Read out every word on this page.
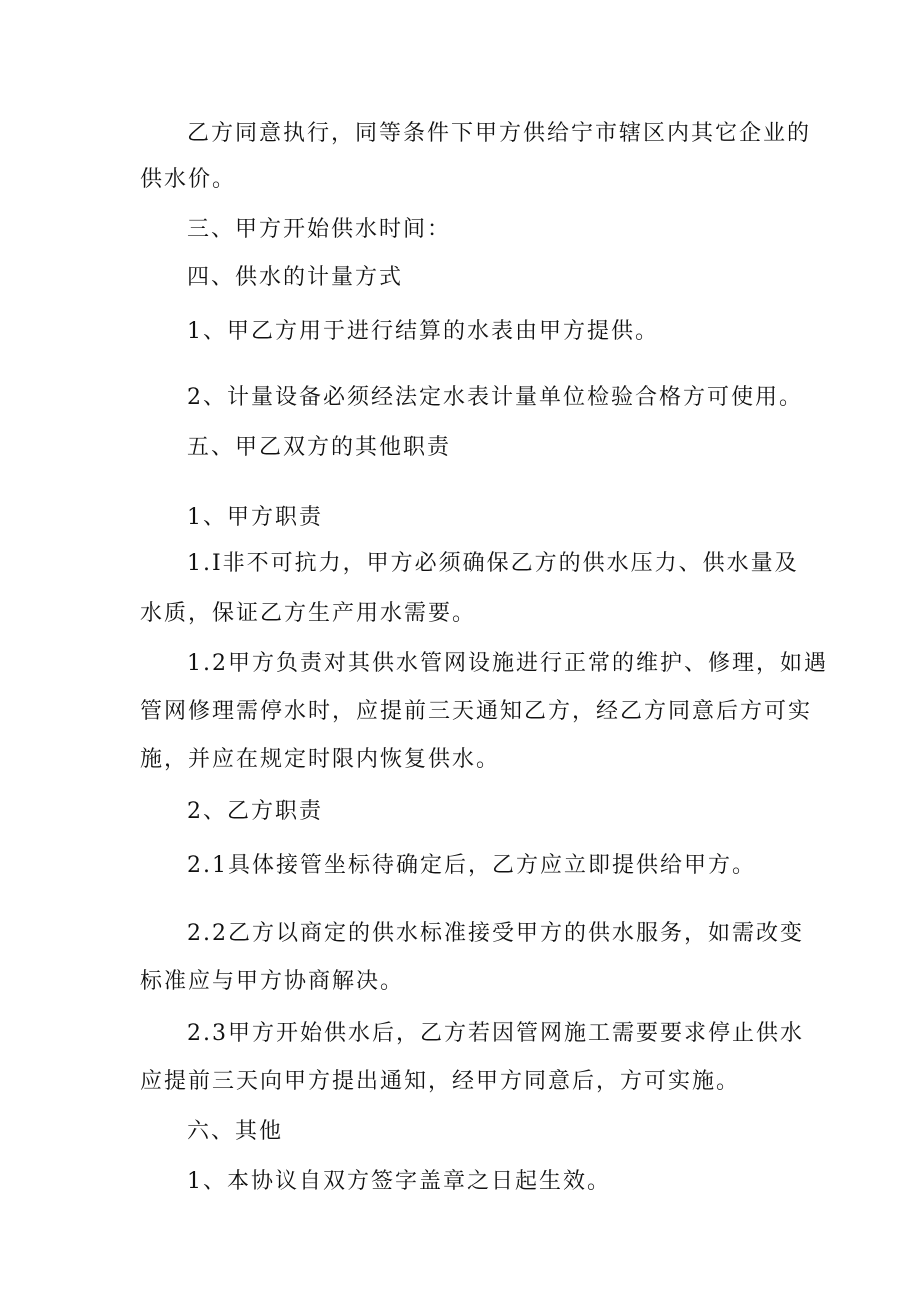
乙方同意执行，同等条件下甲方供给宁市辖区内其它企业的

供水价。

三、甲方开始供水时间：

四、供水的计量方式

1、甲乙方用于进行结算的水表由甲方提供。

2、计量设备必须经法定水表计量单位检验合格方可使用。

五、甲乙双方的其他职责

1、甲方职责

1.I非不可抗力，甲方必须确保乙方的供水压力、供水量及

水质，保证乙方生产用水需要。

1.2甲方负责对其供水管网设施进行正常的维护、修理，如遇

管网修理需停水时，应提前三天通知乙方，经乙方同意后方可实

施，并应在规定时限内恢复供水。

2、乙方职责

2.1具体接管坐标待确定后，乙方应立即提供给甲方。

2.2乙方以商定的供水标准接受甲方的供水服务，如需改变

标准应与甲方协商解决。

2.3甲方开始供水后，乙方若因管网施工需要要求停止供水

应提前三天向甲方提出通知，经甲方同意后，方可实施。

六、其他

1、本协议自双方签字盖章之日起生效。
